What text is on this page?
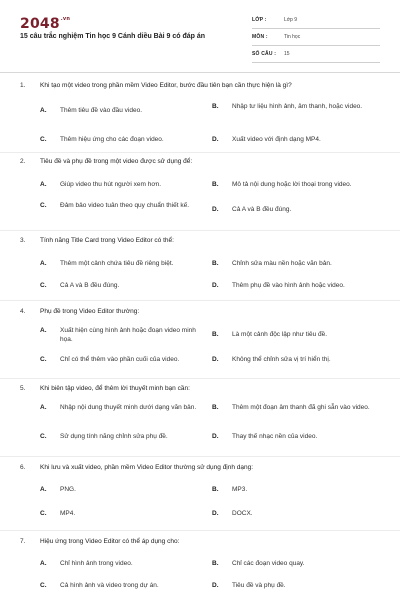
$2048^{.vn}$
15 câu trắc nghiệm Tin học 9 Cánh diều Bài 9 có đáp án
LỚP :	Lớp 9
MÔN :	Tin học
SỐ CÂU :	15
1.	Khi tạo một video trong phần mềm Video Editor, bước đầu tiên bạn cần thực hiện là gì?
A.	Thêm tiêu đề vào đầu video.
B.	Nhập tư liệu hình ảnh, âm thanh, hoặc video.
C.	Thêm hiệu ứng cho các đoạn video.	D.	Xuất video với định dạng MP4.
2.	Tiêu đề và phụ đề trong một video được sử dụng để:
A.	Giúp video thu hút người xem hơn.	B.	Mô tả nội dung hoặc lời thoại trong video.
C.	Đảm bảo video tuân theo quy chuẩn thiết kế.
D.	Cả A và B đều đúng.
3.	Tính năng Title Card trong Video Editor có thể:
A.	Thêm một cảnh chứa tiêu đề riêng biệt.	B.	Chỉnh sửa màu nền hoặc văn bản.
C.	Cả A và B đều đúng.	D.	Thêm phụ đề vào hình ảnh hoặc video.
4.	Phụ đề trong Video Editor thường:
A.	Xuất hiện cùng hình ảnh hoặc đoạn video minh họa.
B.	Là một cảnh độc lập như tiêu đề.
C.	Chỉ có thể thêm vào phần cuối của video.	D.	Không thể chỉnh sửa vị trí hiển thị.
5.	Khi biên tập video, để thêm lời thuyết minh bạn cần:
A.	Nhập nội dung thuyết minh dưới dạng văn bản.	B.	Thêm một đoạn âm thanh đã ghi sẵn vào video.
C.	Sử dụng tính năng chỉnh sửa phụ đề.	D.	Thay thế nhạc nền của video.
6.	Khi lưu và xuất video, phần mềm Video Editor thường sử dụng định dạng:
A.	PNG.	B.	MP3.
C.	MP4.	D.	DOCX.
7.	Hiệu ứng trong Video Editor có thể áp dụng cho:
A.	Chỉ hình ảnh trong video.	B.	Chỉ các đoạn video quay.
C.	Cả hình ảnh và video trong dự án.	D.	Tiêu đề và phụ đề.
